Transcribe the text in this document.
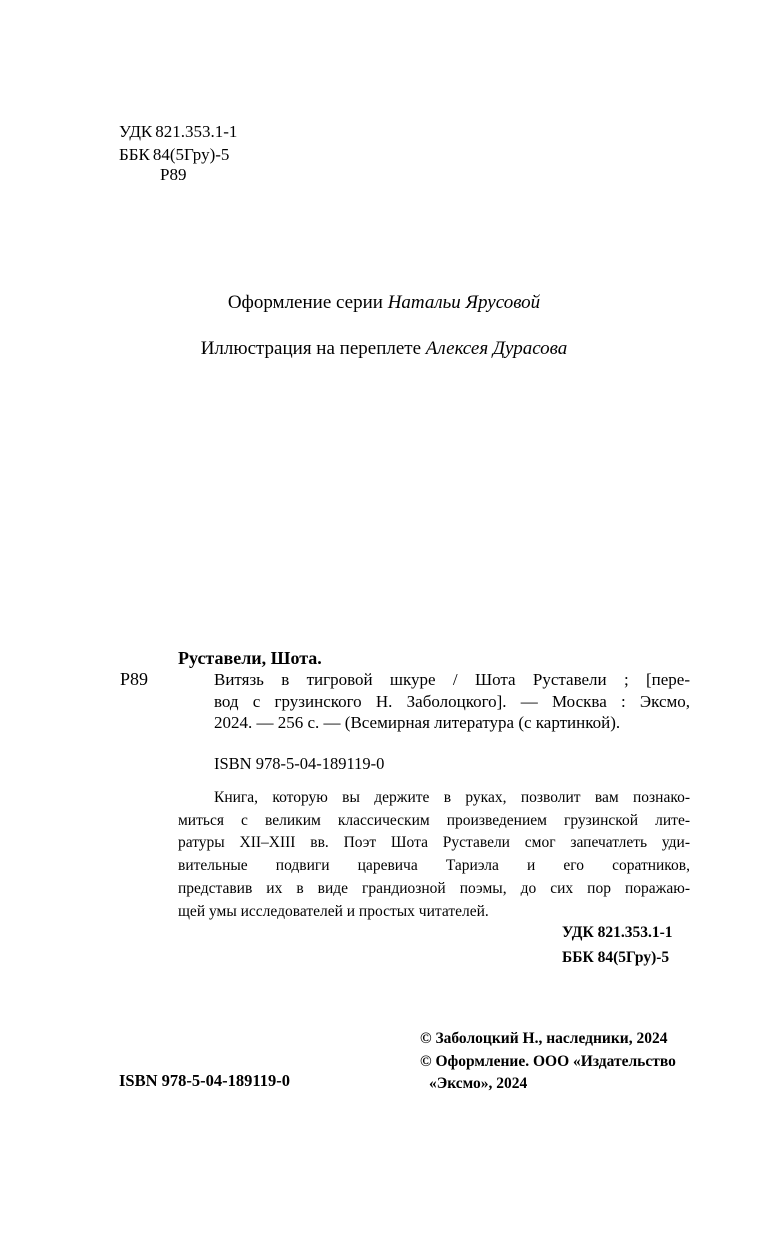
УДК 821.353.1-1
ББК 84(5Гру)-5
Р89
Оформление серии Натальи Ярусовой
Иллюстрация на переплете Алексея Дурасова
Руставели, Шота.
Р89	Витязь в тигровой шкуре / Шота Руставели ; [пере-
вод с грузинского Н. Заболоцкого]. — Москва : Эксмо,
2024. — 256 с. — (Всемирная литература (с картинкой).
ISBN 978-5-04-189119-0
Книга, которую вы держите в руках, позволит вам познако-
миться с великим классическим произведением грузинской лите-
ратуры XII–XIII вв. Поэт Шота Руставели смог запечатлеть уди-
вительные подвиги царевича Тариэла и его соратников,
представив их в виде грандиозной поэмы, до сих пор поражаю-
щей умы исследователей и простых читателей.
УДК 821.353.1-1
ББК 84(5Гру)-5
ISBN 978-5-04-189119-0
© Заболоцкий Н., наследники, 2024
© Оформление. ООО «Издательство
«Эксмо», 2024
